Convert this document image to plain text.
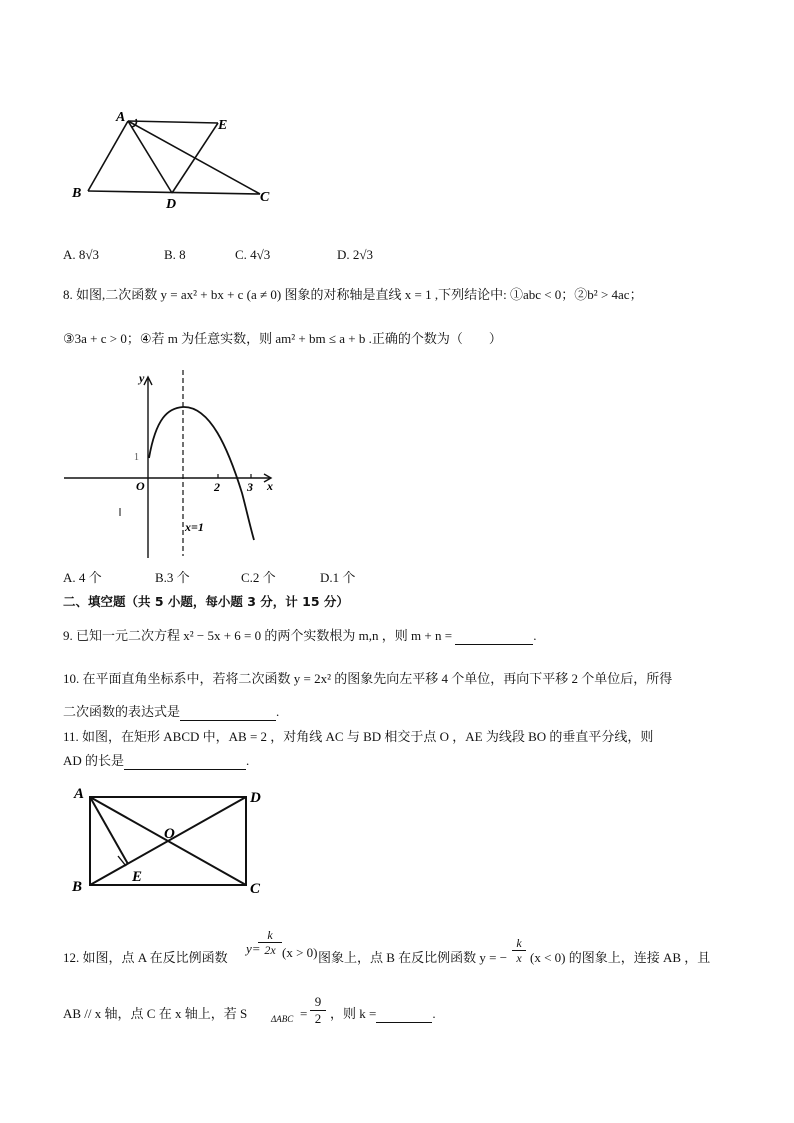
A
E
B
D	C
A. 8√3	B. 8	C. 4√3	D. 2√3
8. 如图,二次函数 y = ax² + bx + c (a ≠ 0) 图象的对称轴是直线 x = 1 ,下列结论中: ①abc < 0；②b² > 4ac；
③3a + c > 0；④若 m 为任意实数，则 am² + bm ≤ a + b .正确的个数为（　　）
y
O	2 3 x
x=1
1
A. 4 个	B.3 个	C.2 个	D.1 个
二、填空题（共 5 小题，每小题 3 分，计 15 分）
9. 已知一元二次方程 x² − 5x + 6 = 0 的两个实数根为 m,n ，则 m + n =	.
10. 在平面直角坐标系中，若将二次函数 y = 2x² 的图象先向左平移 4 个单位，再向下平移 2 个单位后，所得
二次函数的表达式是	.
11. 如图，在矩形 ABCD 中，AB = 2 ，对角线 AC 与 BD 相交于点 O ，AE 为线段 BO 的垂直平分线，则
AD 的长是	.
A	D
O
B
E
C
12. 如图，点 A 在反比例函数
$\frac{k}{2x}$
y= (x > 0) 图象上，点 B 在反比例函数 y = − $\frac{k}{x} (x < 0)$ 的图象上，连接 AB ，且
AB // x 轴，点 C 在 x 轴上，若 S	$\Delta ABC = \frac{9}{2}$ ，则 k =	.
